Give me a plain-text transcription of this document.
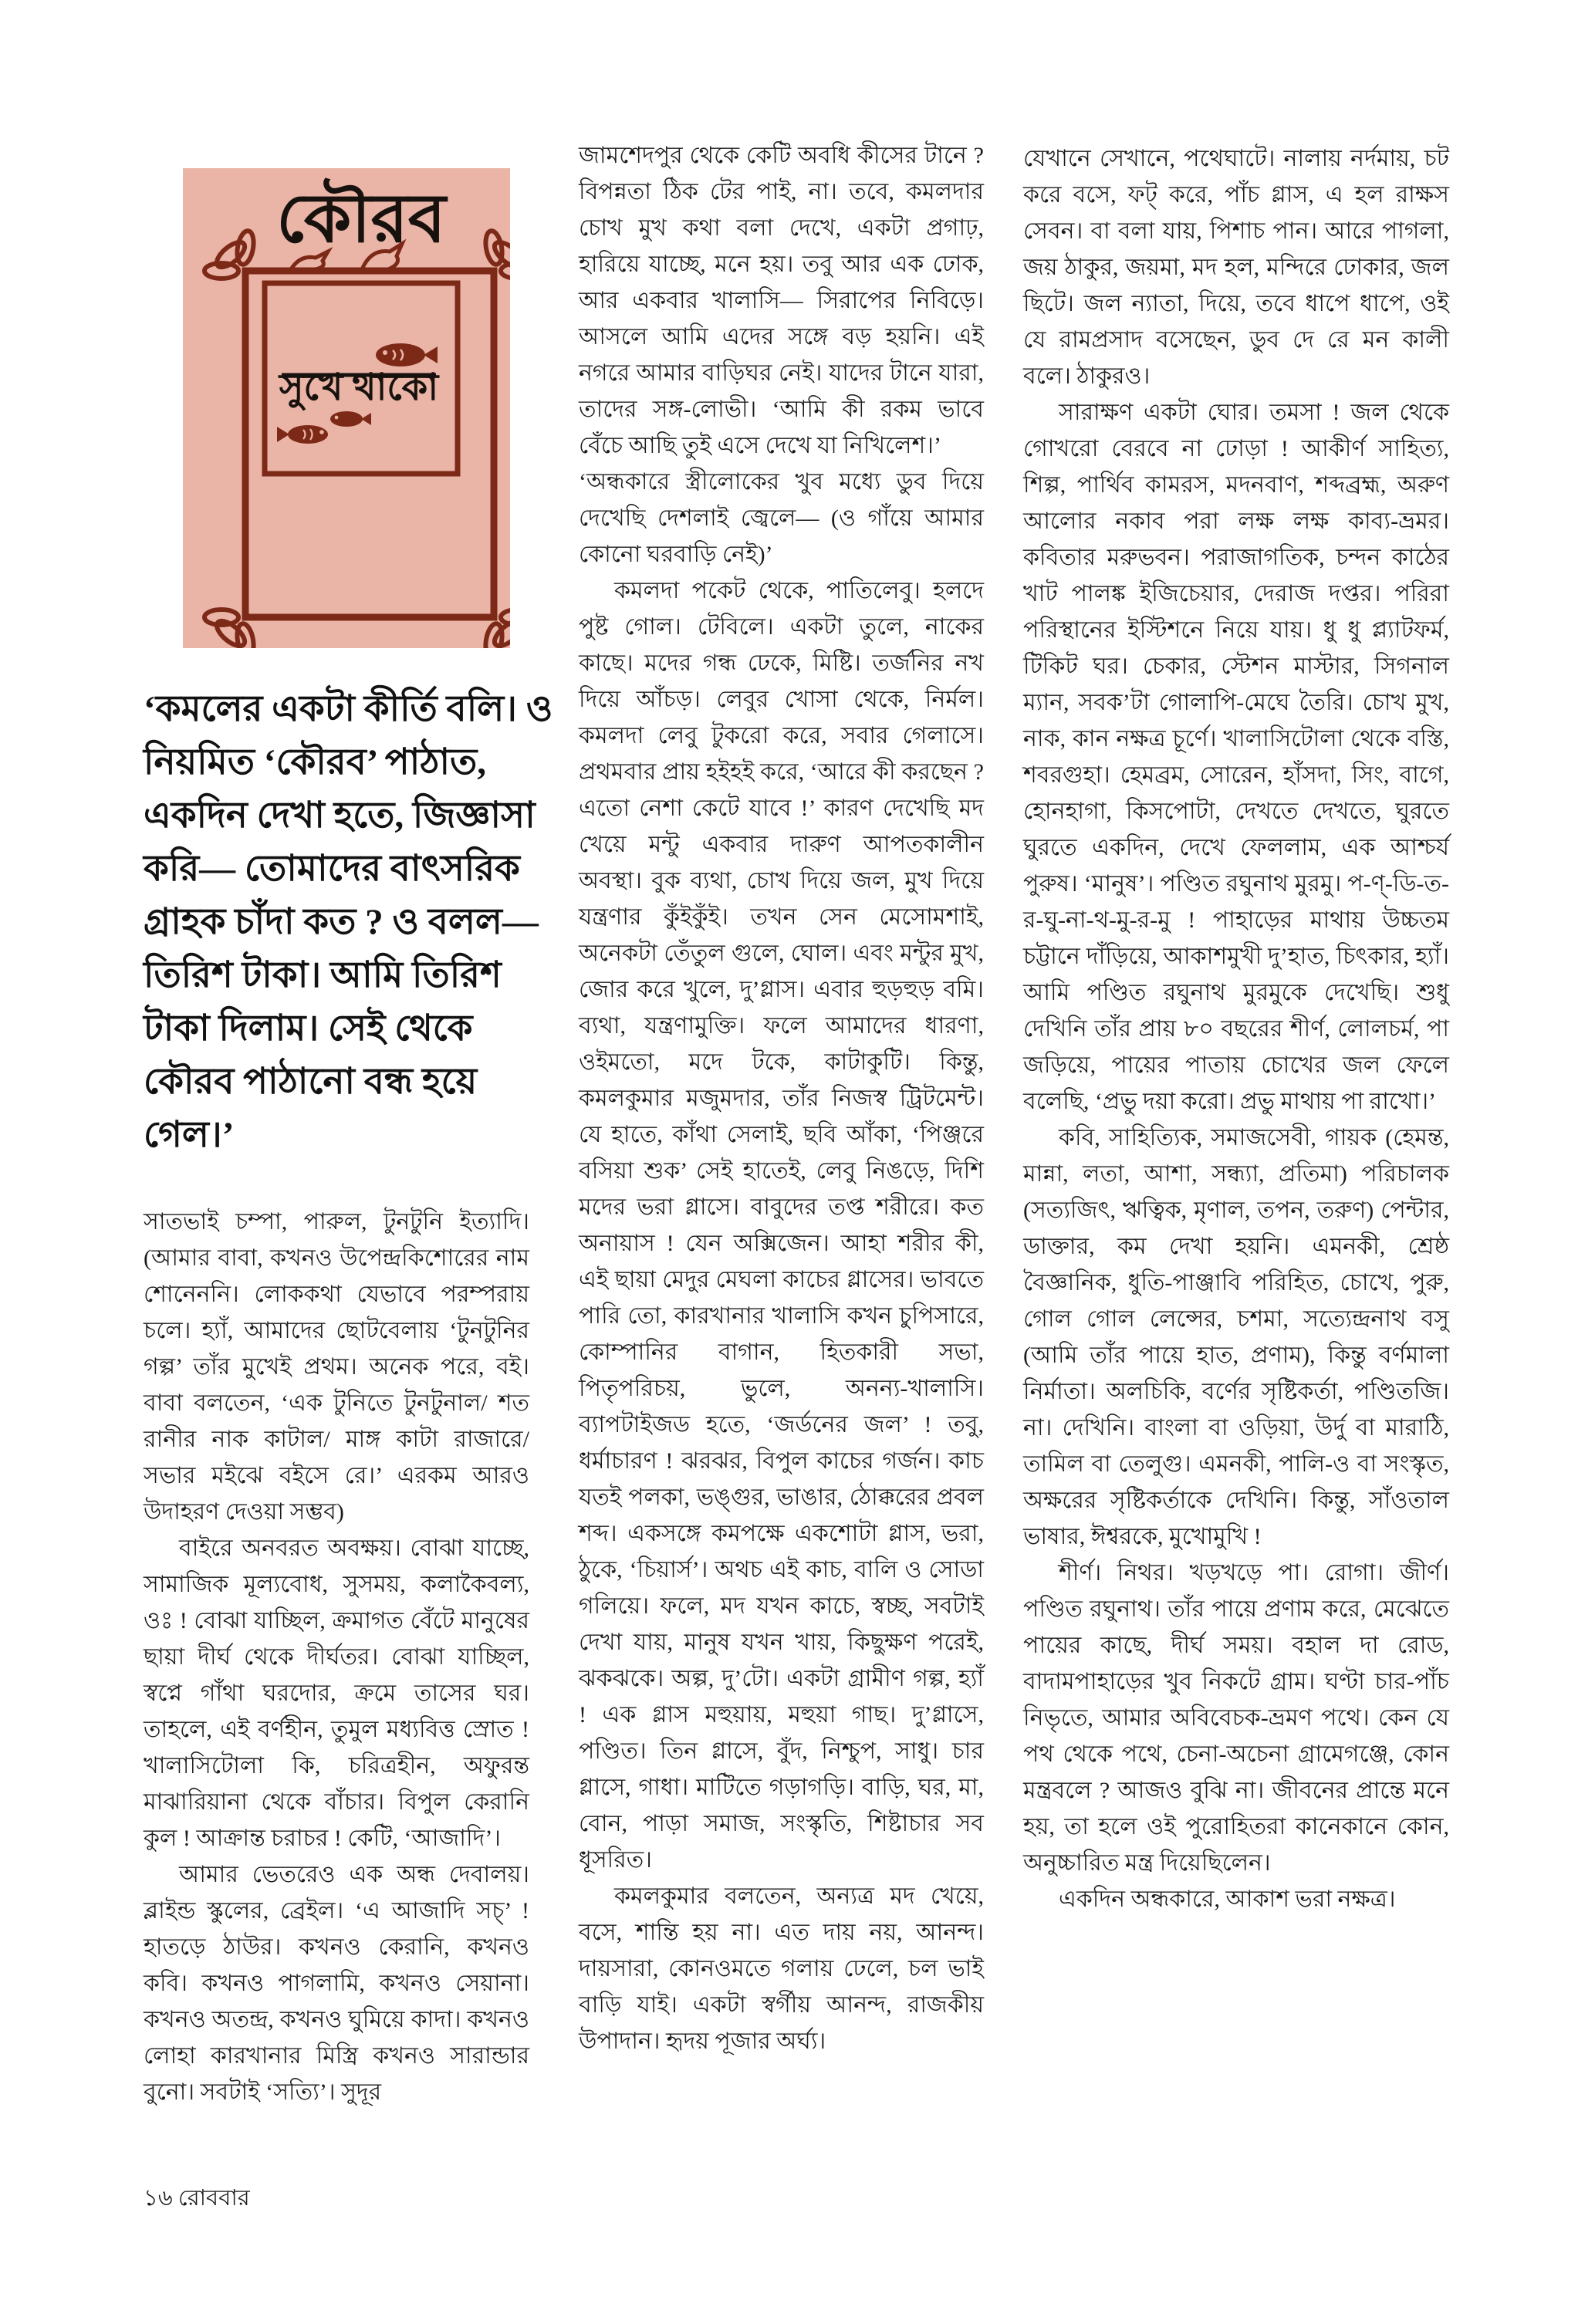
কৌরব
সুখে থাকো
‘কমলের একটা কীর্তি বলি। ও নিয়মিত ‘কৌরব’ পাঠাত, একদিন দেখা হতে, জিজ্ঞাসা করি— তোমাদের বাৎসরিক গ্রাহক চাঁদা কত ? ও বলল— তিরিশ টাকা। আমি তিরিশ টাকা দিলাম। সেই থেকে কৌরব পাঠানো বন্ধ হয়ে গেল।’

সাতভাই চম্পা, পারুল, টুনটুনি ইত্যাদি। (আমার বাবা, কখনও উপেন্দ্রকিশোরের নাম শোনেননি। লোককথা যেভাবে পরম্পরায় চলে। হ্যাঁ, আমাদের ছোটবেলায় ‘টুনটুনির গল্প’ তাঁর মুখেই প্রথম। অনেক পরে, বই। বাবা বলতেন, ‘এক টুনিতে টুনটুনাল/ শত রানীর নাক কাটাল/ মাঙ্গ কাটা রাজারে/ সভার মইঝে বইসে রে।’ এরকম আরও উদাহরণ দেওয়া সম্ভব)

বাইরে অনবরত অবক্ষয়। বোঝা যাচ্ছে, সামাজিক মূল্যবোধ, সুসময়, কলাকৈবল্য, ওঃ ! বোঝা যাচ্ছিল, ক্রমাগত বেঁটে মানুষের ছায়া দীর্ঘ থেকে দীর্ঘতর। বোঝা যাচ্ছিল, স্বপ্নে গাঁথা ঘরদোর, ক্রমে তাসের ঘর। তাহলে, এই বর্ণহীন, তুমুল মধ্যবিত্ত স্রোত ! খালাসিটোলা কি, চরিত্রহীন, অফুরন্ত মাঝারিয়ানা থেকে বাঁচার। বিপুল কেরানি কুল ! আক্রান্ত চরাচর ! কেটি, ‘আজাদি’।

আমার ভেতরেও এক অন্ধ দেবালয়। ব্লাইন্ড স্কুলের, ব্রেইল। ‘এ আজাদি সচ্‌’ ! হাতড়ে ঠাউর। কখনও কেরানি, কখনও কবি। কখনও পাগলামি, কখনও সেয়ানা। কখনও অতন্দ্র, কখনও ঘুমিয়ে কাদা। কখনও লোহা কারখানার মিস্ত্রি কখনও সারান্ডার বুনো। সবটাই ‘সত্যি’। সুদূর

জামশেদপুর থেকে কেটি অবধি কীসের টানে ? বিপন্নতা ঠিক টের পাই, না। তবে, কমলদার চোখ মুখ কথা বলা দেখে, একটা প্রগাঢ়, হারিয়ে যাচ্ছে, মনে হয়। তবু আর এক ঢোক, আর একবার খালাসি— সিরাপের নিবিড়ে। আসলে আমি এদের সঙ্গে বড় হয়নি। এই নগরে আমার বাড়িঘর নেই। যাদের টানে যারা, তাদের সঙ্গ-লোভী। ‘আমি কী রকম ভাবে বেঁচে আছি তুই এসে দেখে যা নিখিলেশ।’

‘অন্ধকারে স্ত্রীলোকের খুব মধ্যে ডুব দিয়ে দেখেছি দেশলাই জ্বেলে— (ও গাঁয়ে আমার কোনো ঘরবাড়ি নেই)’

কমলদা পকেট থেকে, পাতিলেবু। হলদে পুষ্ট গোল। টেবিলে। একটা তুলে, নাকের কাছে। মদের গন্ধ ঢেকে, মিষ্টি। তর্জনির নখ দিয়ে আঁচড়। লেবুর খোসা থেকে, নির্মল। কমলদা লেবু টুকরো করে, সবার গেলাসে। প্রথমবার প্রায় হইহই করে, ‘আরে কী করছেন ? এতো নেশা কেটে যাবে !’ কারণ দেখেছি মদ খেয়ে মন্টু একবার দারুণ আপতকালীন অবস্থা। বুক ব্যথা, চোখ দিয়ে জল, মুখ দিয়ে যন্ত্রণার কুঁইকুঁই। তখন সেন মেসোমশাই, অনেকটা তেঁতুল গুলে, ঘোল। এবং মন্টুর মুখ, জোর করে খুলে, দু’গ্লাস। এবার হুড়হুড় বমি। ব্যথা, যন্ত্রণামুক্তি। ফলে আমাদের ধারণা, ওইমতো, মদে টকে, কাটাকুটি। কিন্তু, কমলকুমার মজুমদার, তাঁর নিজস্ব ট্রিটমেন্ট। যে হাতে, কাঁথা সেলাই, ছবি আঁকা, ‘পিঞ্জরে বসিয়া শুক’ সেই হাতেই, লেবু নিঙড়ে, দিশি মদের ভরা গ্লাসে। বাবুদের তপ্ত শরীরে। কত অনায়াস ! যেন অক্সিজেন। আহা শরীর কী, এই ছায়া মেদুর মেঘলা কাচের গ্লাসের। ভাবতে পারি তো, কারখানার খালাসি কখন চুপিসারে, কোম্পানির বাগান, হিতকারী সভা, পিতৃপরিচয়, ভুলে, অনন্য-খালাসি। ব্যাপটাইজড হতে, ‘জর্ডনের জল’ ! তবু, ধর্মাচারণ ! ঝরঝর, বিপুল কাচের গর্জন। কাচ যতই পলকা, ভঙ্গুর, ভাঙার, ঠোক্করের প্রবল শব্দ। একসঙ্গে কমপক্ষে একশোটা গ্লাস, ভরা, ঠুকে, ‘চিয়ার্স’। অথচ এই কাচ, বালি ও সোডা গলিয়ে। ফলে, মদ যখন কাচে, স্বচ্ছ, সবটাই দেখা যায়, মানুষ যখন খায়, কিছুক্ষণ পরেই, ঝকঝকে। অল্প, দু’টো। একটা গ্রামীণ গল্প, হ্যাঁ ! এক গ্লাস মহুয়ায়, মহুয়া গাছ। দু’গ্লাসে, পণ্ডিত। তিন গ্লাসে, বুঁদ, নিশ্চুপ, সাধু। চার গ্লাসে, গাধা। মাটিতে গড়াগড়ি। বাড়ি, ঘর, মা, বোন, পাড়া সমাজ, সংস্কৃতি, শিষ্টাচার সব ধূসরিত।

কমলকুমার বলতেন, অন্যত্র মদ খেয়ে, বসে, শান্তি হয় না। এত দায় নয়, আনন্দ। দায়সারা, কোনওমতে গলায় ঢেলে, চল ভাই বাড়ি যাই। একটা স্বর্গীয় আনন্দ, রাজকীয় উপাদান। হৃদয় পূজার অর্ঘ্য।

যেখানে সেখানে, পথেঘাটে। নালায় নর্দমায়, চট করে বসে, ফট্‌ করে, পাঁচ গ্লাস, এ হল রাক্ষস সেবন। বা বলা যায়, পিশাচ পান। আরে পাগলা, জয় ঠাকুর, জয়মা, মদ হল, মন্দিরে ঢোকার, জল ছিটে। জল ন্যাতা, দিয়ে, তবে ধাপে ধাপে, ওই যে রামপ্রসাদ বসেছেন, ডুব দে রে মন কালী বলে। ঠাকুরও।

সারাক্ষণ একটা ঘোর। তমসা ! জল থেকে গোখরো বেরবে না ঢোড়া ! আকীর্ণ সাহিত্য, শিল্প, পার্থিব কামরস, মদনবাণ, শব্দব্রহ্ম, অরুণ আলোর নকাব পরা লক্ষ লক্ষ কাব্য-ভ্রমর। কবিতার মরুভবন। পরাজাগতিক, চন্দন কাঠের খাট পালঙ্ক ইজিচেয়ার, দেরাজ দপ্তর। পরিরা পরিস্থানের ইস্টিশনে নিয়ে যায়। ধু ধু প্ল্যাটফর্ম, টিকিট ঘর। চেকার, স্টেশন মাস্টার, সিগনাল ম্যান, সবক’টা গোলাপি-মেঘে তৈরি। চোখ মুখ, নাক, কান নক্ষত্র চূর্ণে। খালাসিটোলা থেকে বস্তি, শবরগুহা। হেমব্রম, সোরেন, হাঁসদা, সিং, বাগে, হোনহাগা, কিসপোটা, দেখতে দেখতে, ঘুরতে ঘুরতে একদিন, দেখে ফেললাম, এক আশ্চর্য পুরুষ। ‘মানুষ’। পণ্ডিত রঘুনাথ মুরমু। প-ণ্-ডি-ত-র-ঘু-না-থ-মু-র-মু ! পাহাড়ের মাথায় উচ্চতম চট্টানে দাঁড়িয়ে, আকাশমুখী দু’হাত, চিৎকার, হ্যাঁ। আমি পণ্ডিত রঘুনাথ মুরমুকে দেখেছি। শুধু দেখিনি তাঁর প্রায় ৮০ বছরের শীর্ণ, লোলচর্ম, পা জড়িয়ে, পায়ের পাতায় চোখের জল ফেলে বলেছি, ‘প্রভু দয়া করো। প্রভু মাথায় পা রাখো।’

কবি, সাহিত্যিক, সমাজসেবী, গায়ক (হেমন্ত, মান্না, লতা, আশা, সন্ধ্যা, প্রতিমা) পরিচালক (সত্যজিৎ, ঋত্বিক, মৃণাল, তপন, তরুণ) পেন্টার, ডাক্তার, কম দেখা হয়নি। এমনকী, শ্রেষ্ঠ বৈজ্ঞানিক, ধুতি-পাঞ্জাবি পরিহিত, চোখে, পুরু, গোল গোল লেন্সের, চশমা, সত্যেন্দ্রনাথ বসু (আমি তাঁর পায়ে হাত, প্রণাম), কিন্তু বর্ণমালা নির্মাতা। অলচিকি, বর্ণের সৃষ্টিকর্তা, পণ্ডিতজি। না। দেখিনি। বাংলা বা ওড়িয়া, উর্দু বা মারাঠি, তামিল বা তেলুগু। এমনকী, পালি-ও বা সংস্কৃত, অক্ষরের সৃষ্টিকর্তাকে দেখিনি। কিন্তু, সাঁওতাল ভাষার, ঈশ্বরকে, মুখোমুখি !

শীর্ণ। নিথর। খড়খড়ে পা। রোগা। জীর্ণ। পণ্ডিত রঘুনাথ। তাঁর পায়ে প্রণাম করে, মেঝেতে পায়ের কাছে, দীর্ঘ সময়। বহাল দা রোড, বাদামপাহাড়ের খুব নিকটে গ্রাম। ঘণ্টা চার-পাঁচ নিভৃতে, আমার অবিবেচক-ভ্রমণ পথে। কেন যে পথ থেকে পথে, চেনা-অচেনা গ্রামেগঞ্জে, কোন মন্ত্রবলে ? আজও বুঝি না। জীবনের প্রান্তে মনে হয়, তা হলে ওই পুরোহিতরা কানেকানে কোন, অনুচ্চারিত মন্ত্র দিয়েছিলেন।

একদিন অন্ধকারে, আকাশ ভরা নক্ষত্র।

১৬ রোববার
